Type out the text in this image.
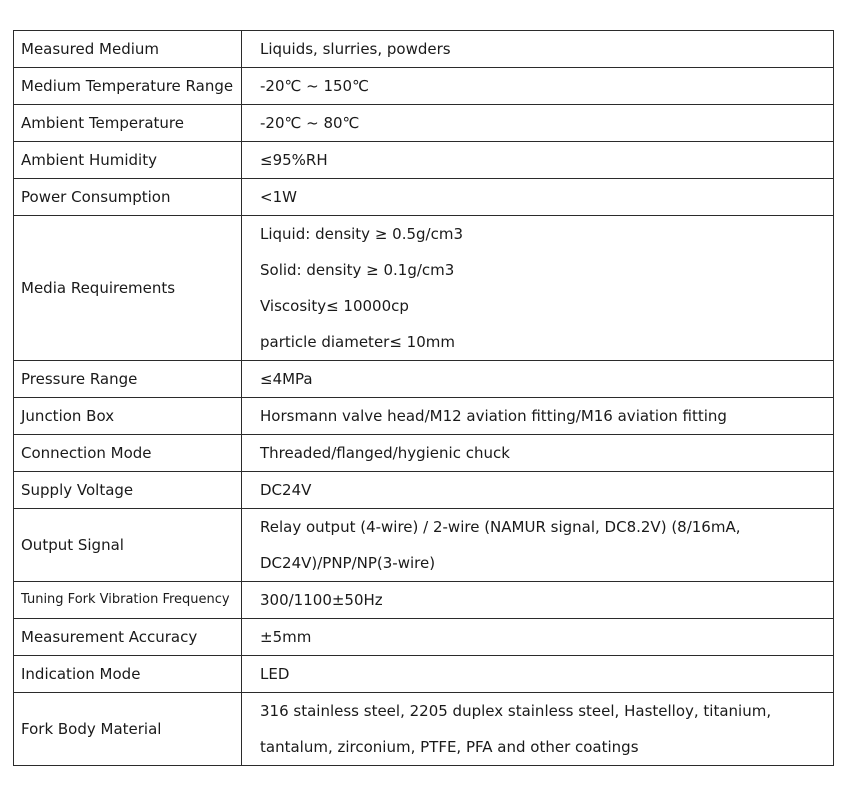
Measured Medium	Liquids, slurries, powders

Medium Temperature Range	-20℃ ~ 150℃

Ambient Temperature	-20℃ ~ 80℃

Ambient Humidity	≤95%RH

Power Consumption	<1W

Media Requirements	Liquid: density ≥ 0.5g/cm3
Solid: density ≥ 0.1g/cm3
Viscosity≤ 10000cp
particle diameter≤ 10mm

Pressure Range	≤4MPa

Junction Box	Horsmann valve head/M12 aviation fitting/M16 aviation fitting

Connection Mode	Threaded/flanged/hygienic chuck

Supply Voltage	DC24V

Output Signal	Relay output (4-wire) / 2-wire (NAMUR signal, DC8.2V) (8/16mA,
DC24V)/PNP/NP(3-wire)

Tuning Fork Vibration Frequency	300/1100±50Hz

Measurement Accuracy	±5mm

Indication Mode	LED

Fork Body Material	316 stainless steel, 2205 duplex stainless steel, Hastelloy, titanium,
tantalum, zirconium, PTFE, PFA and other coatings
